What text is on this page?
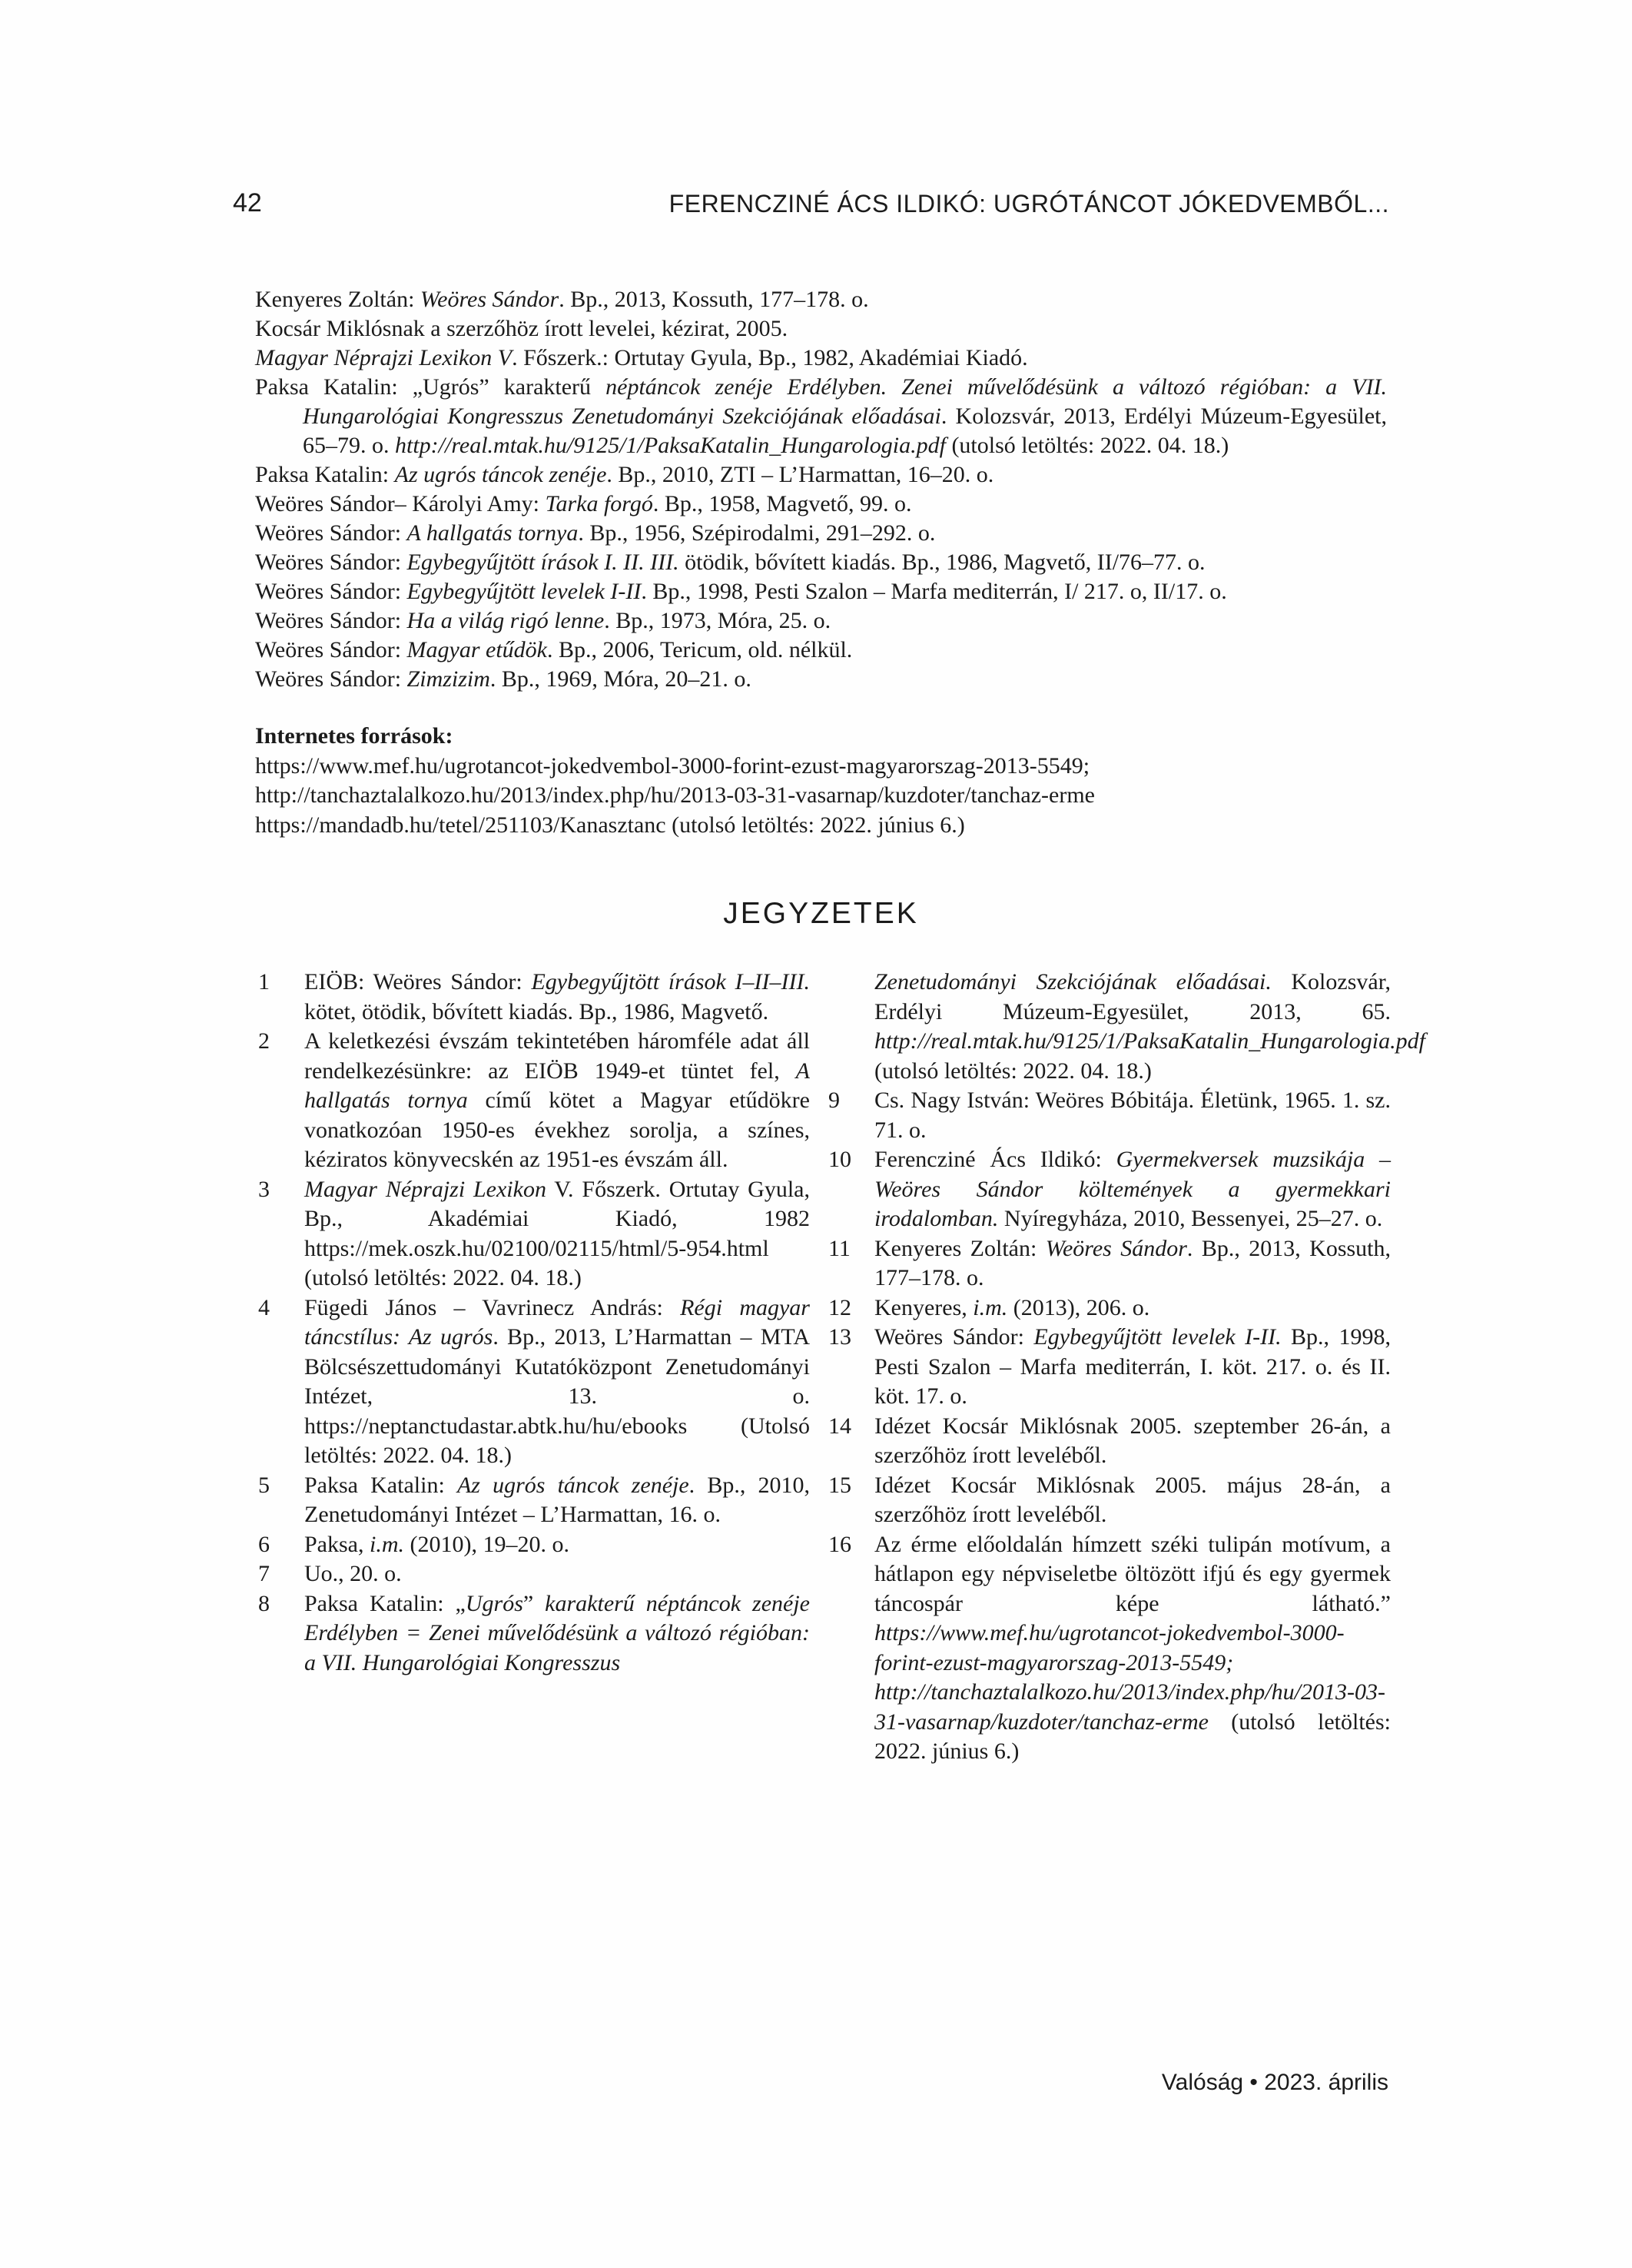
42	FERENCZINÉ ÁCS ILDIKÓ: UGRÓTÁNCOT JÓKEDVEMBŐL...

Kenyeres Zoltán: Weöres Sándor. Bp., 2013, Kossuth, 177–178. o.

Kocsár Miklósnak a szerzőhöz írott levelei, kézirat, 2005.

Magyar Néprajzi Lexikon V. Főszerk.: Ortutay Gyula, Bp., 1982, Akadémiai Kiadó.

Paksa Katalin: „Ugrós” karakterű néptáncok zenéje Erdélyben. Zenei művelődésünk a változó régióban: a VII. Hungarológiai Kongresszus Zenetudományi Szekciójának előadásai. Kolozsvár, 2013, Erdélyi Múzeum-Egyesület, 65–79. o. http://real.mtak.hu/9125/1/PaksaKatalin_Hungarologia.pdf (utolsó letöltés: 2022. 04. 18.)

Paksa Katalin: Az ugrós táncok zenéje. Bp., 2010, ZTI – L’Harmattan, 16–20. o.

Weöres Sándor– Károlyi Amy: Tarka forgó. Bp., 1958, Magvető, 99. o.

Weöres Sándor: A hallgatás tornya. Bp., 1956, Szépirodalmi, 291–292. o.

Weöres Sándor: Egybegyűjtött írások I. II. III. ötödik, bővített kiadás. Bp., 1986, Magvető, II/76–77. o.

Weöres Sándor: Egybegyűjtött levelek I-II. Bp., 1998, Pesti Szalon – Marfa mediterrán, I/ 217. o, II/17. o.

Weöres Sándor: Ha a világ rigó lenne. Bp., 1973, Móra, 25. o.

Weöres Sándor: Magyar etűdök. Bp., 2006, Tericum, old. nélkül.

Weöres Sándor: Zimzizim. Bp., 1969, Móra, 20–21. o.

Internetes források:

https://www.mef.hu/ugrotancot-jokedvembol-3000-forint-ezust-magyarorszag-2013-5549;

http://tanchaztalalkozo.hu/2013/index.php/hu/2013-03-31-vasarnap/kuzdoter/tanchaz-erme

https://mandadb.hu/tetel/251103/Kanasztanc (utolsó letöltés: 2022. június 6.)

JEGYZETEK

1 EIÖB: Weöres Sándor: Egybegyűjtött írások I–II–III. kötet, ötödik, bővített kiadás. Bp., 1986, Magvető.

2 A keletkezési évszám tekintetében háromféle adat áll rendelkezésünkre: az EIÖB 1949-et tüntet fel, A hallgatás tornya című kötet a Magyar etűdökre vonatkozóan 1950-es évekhez sorolja, a színes, kéziratos könyvecskén az 1951-es évszám áll.

3 Magyar Néprajzi Lexikon V. Főszerk. Ortutay Gyula, Bp., Akadémiai Kiadó, 1982 https://mek.oszk.hu/02100/02115/html/5-954.html (utolsó letöltés: 2022. 04. 18.)

4 Fügedi János – Vavrinecz András: Régi magyar táncstílus: Az ugrós. Bp., 2013, L’Harmattan – MTA Bölcsészettudományi Kutatóközpont Zenetudományi Intézet, 13. o. https://neptanctudastar.abtk.hu/hu/ebooks (Utolsó letöltés: 2022. 04. 18.)

5 Paksa Katalin: Az ugrós táncok zenéje. Bp., 2010, Zenetudományi Intézet – L’Harmattan, 16. o.

6 Paksa, i.m. (2010), 19–20. o.

7 Uo., 20. o.

8 Paksa Katalin: „Ugrós” karakterű néptáncok zenéje Erdélyben = Zenei művelődésünk a változó régióban: a VII. Hungarológiai Kongresszus

Zenetudományi Szekciójának előadásai. Kolozsvár, Erdélyi Múzeum-Egyesület, 2013, 65. http://real.mtak.hu/9125/1/PaksaKatalin_Hungarologia.pdf (utolsó letöltés: 2022. 04. 18.)

9 Cs. Nagy István: Weöres Bóbitája. Életünk, 1965. 1. sz. 71. o.

10 Ferencziné Ács Ildikó: Gyermekversek muzsikája – Weöres Sándor költemények a gyermekkari irodalomban. Nyíregyháza, 2010, Bessenyei, 25–27. o.

11 Kenyeres Zoltán: Weöres Sándor. Bp., 2013, Kossuth, 177–178. o.

12 Kenyeres, i.m. (2013), 206. o.

13 Weöres Sándor: Egybegyűjtött levelek I-II. Bp., 1998, Pesti Szalon – Marfa mediterrán, I. köt. 217. o. és II. köt. 17. o.

14 Idézet Kocsár Miklósnak 2005. szeptember 26-án, a szerzőhöz írott leveléből.

15 Idézet Kocsár Miklósnak 2005. május 28-án, a szerzőhöz írott leveléből.

16 Az érme előoldalán hímzett széki tulipán motívum, a hátlapon egy népviseletbe öltözött ifjú és egy gyermek táncospár képe látható.” https://www.mef.hu/ugrotancot-jokedvembol-3000-forint-ezust-magyarorszag-2013-5549; http://tanchaztalalkozo.hu/2013/index.php/hu/2013-03-31-vasarnap/kuzdoter/tanchaz-erme (utolsó letöltés: 2022. június 6.)

Valóság • 2023. április
